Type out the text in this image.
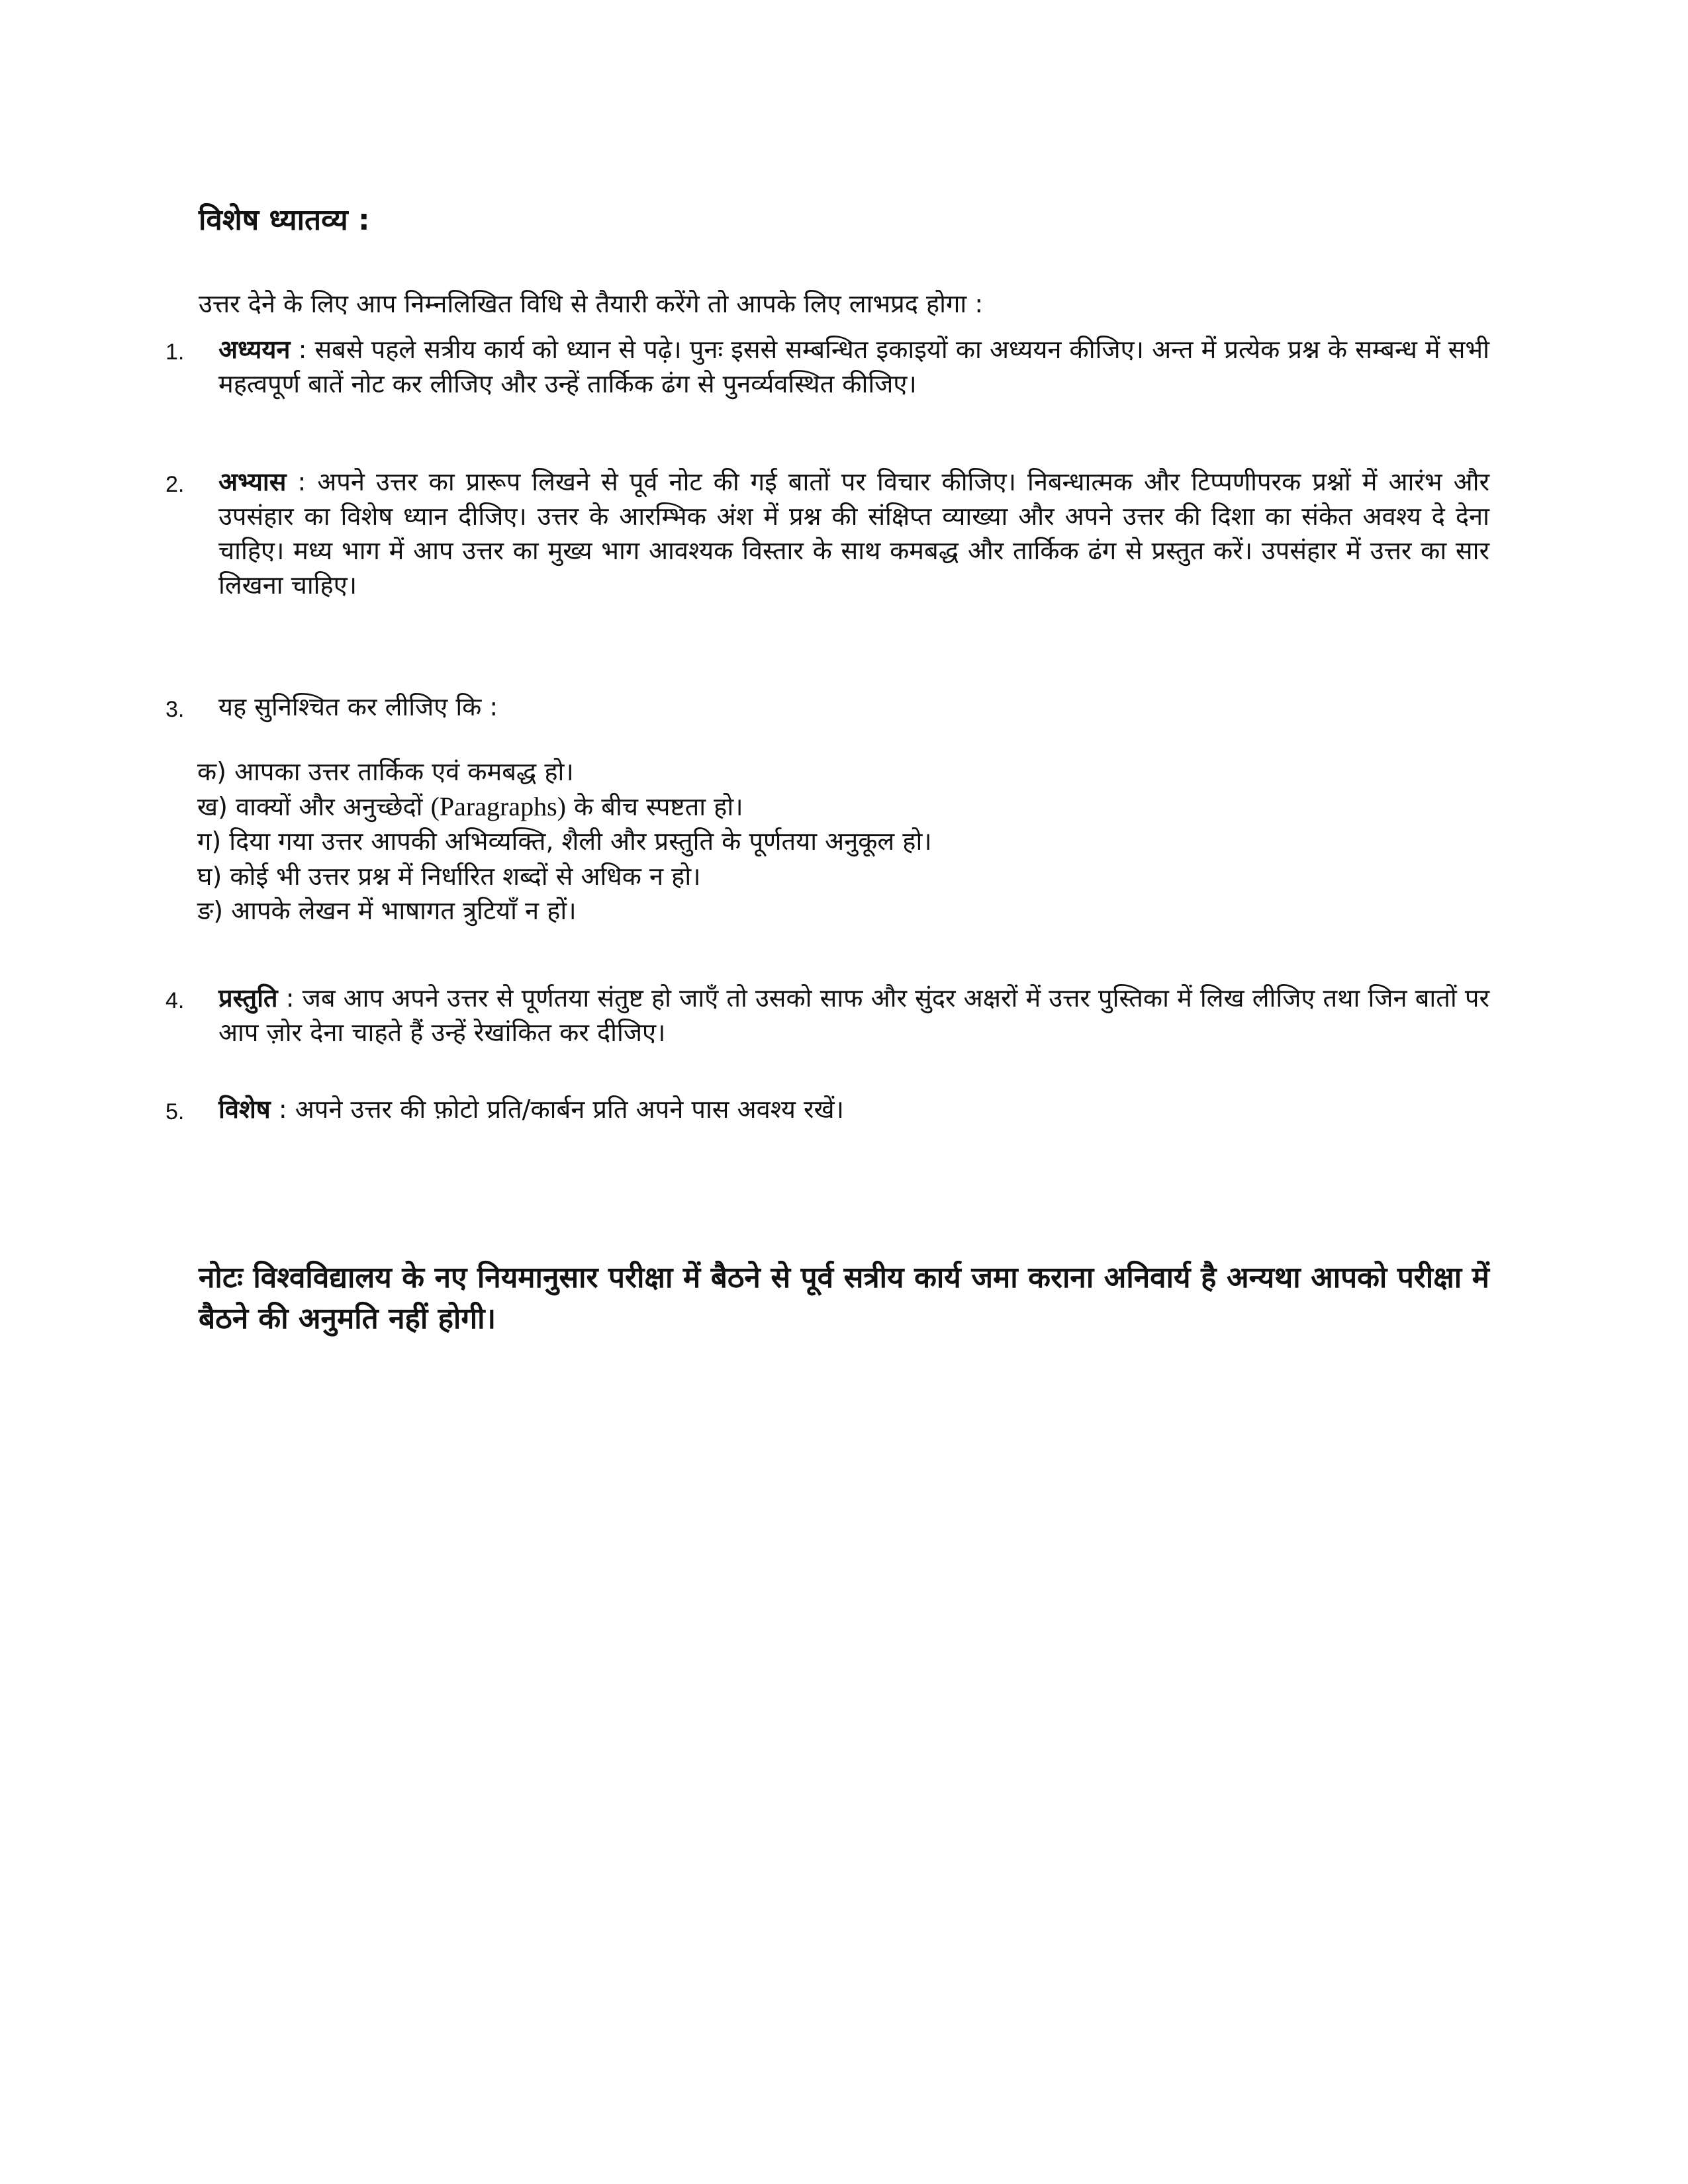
विशेष ध्यातव्य :
उत्तर देने के लिए आप निम्नलिखित विधि से तैयारी करेंगे तो आपके लिए लाभप्रद होगा :
1. अध्ययन : सबसे पहले सत्रीय कार्य को ध्यान से पढ़े। पुनः इससे सम्बन्धित इकाइयों का अध्ययन कीजिए। अन्त में प्रत्येक प्रश्न के सम्बन्ध में सभी महत्वपूर्ण बातें नोट कर लीजिए और उन्हें तार्किक ढंग से पुनर्व्यवस्थित कीजिए।
2. अभ्यास : अपने उत्तर का प्रारूप लिखने से पूर्व नोट की गई बातों पर विचार कीजिए। निबन्धात्मक और टिप्पणीपरक प्रश्नों में आरंभ और उपसंहार का विशेष ध्यान दीजिए। उत्तर के आरम्भिक अंश में प्रश्न की संक्षिप्त व्याख्या और अपने उत्तर की दिशा का संकेत अवश्य दे देना चाहिए। मध्य भाग में आप उत्तर का मुख्य भाग आवश्यक विस्तार के साथ कमबद्ध और तार्किक ढंग से प्रस्तुत करें। उपसंहार में उत्तर का सार लिखना चाहिए।
3. यह सुनिश्चित कर लीजिए कि :
क) आपका उत्तर तार्किक एवं कमबद्ध हो।
ख) वाक्यों और अनुच्छेदों (Paragraphs) के बीच स्पष्टता हो।
ग) दिया गया उत्तर आपकी अभिव्यक्ति, शैली और प्रस्तुति के पूर्णतया अनुकूल हो।
घ) कोई भी उत्तर प्रश्न में निर्धारित शब्दों से अधिक न हो।
ङ) आपके लेखन में भाषागत त्रुटियाँ न हों।
4. प्रस्तुति : जब आप अपने उत्तर से पूर्णतया संतुष्ट हो जाएँ तो उसको साफ और सुंदर अक्षरों में उत्तर पुस्तिका में लिख लीजिए तथा जिन बातों पर आप ज़ोर देना चाहते हैं उन्हें रेखांकित कर दीजिए।
5. विशेष : अपने उत्तर की फ़ोटो प्रति/कार्बन प्रति अपने पास अवश्य रखें।
नोटः विश्वविद्यालय के नए नियमानुसार परीक्षा में बैठने से पूर्व सत्रीय कार्य जमा कराना अनिवार्य है अन्यथा आपको परीक्षा में बैठने की अनुमति नहीं होगी।
